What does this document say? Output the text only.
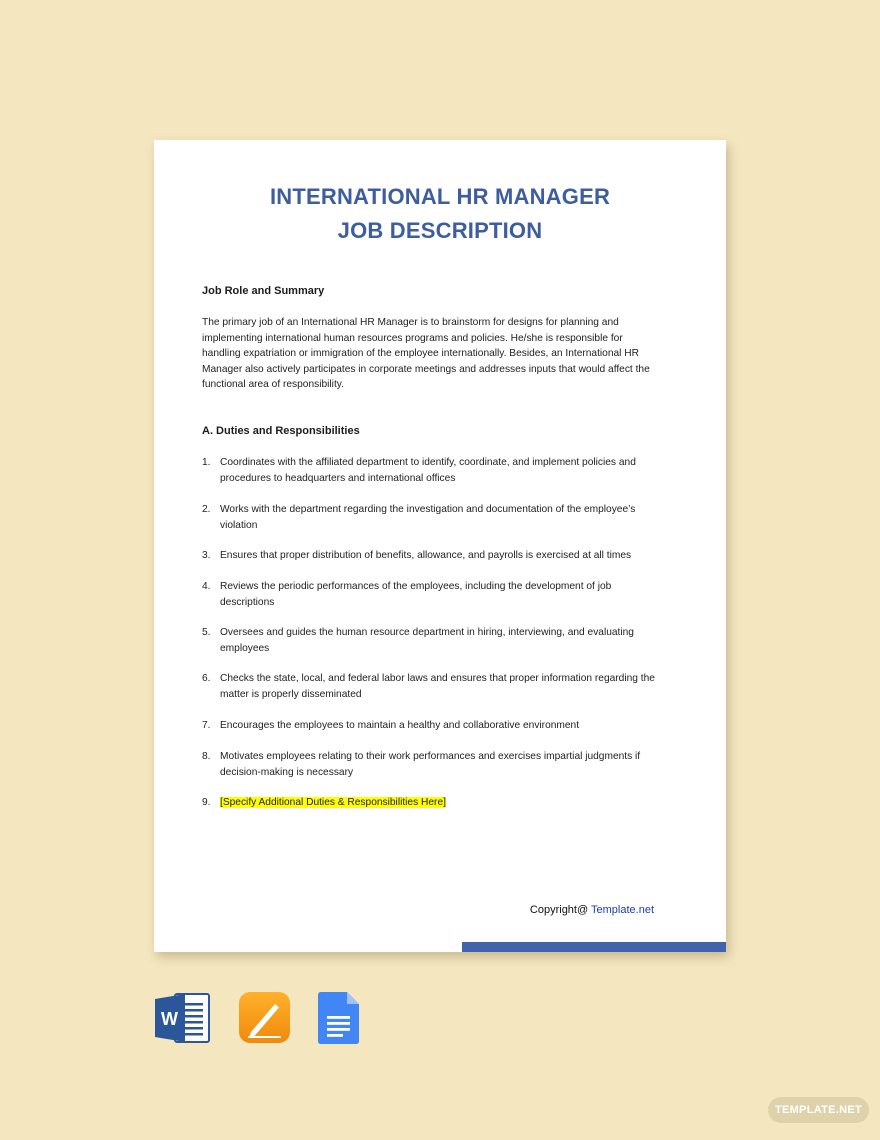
INTERNATIONAL HR MANAGER
JOB DESCRIPTION
Job Role and Summary
The primary job of an International HR Manager is to brainstorm for designs for planning and implementing international human resources programs and policies. He/she is responsible for handling expatriation or immigration of the employee internationally. Besides, an International HR Manager also actively participates in corporate meetings and addresses inputs that would affect the functional area of responsibility.
A. Duties and Responsibilities
1. Coordinates with the affiliated department to identify, coordinate, and implement policies and procedures to headquarters and international offices
2. Works with the department regarding the investigation and documentation of the employee’s violation
3. Ensures that proper distribution of benefits, allowance, and payrolls is exercised at all times
4. Reviews the periodic performances of the employees, including the development of job descriptions
5. Oversees and guides the human resource department in hiring, interviewing, and evaluating employees
6. Checks the state, local, and federal labor laws and ensures that proper information regarding the matter is properly disseminated
7. Encourages the employees to maintain a healthy and collaborative environment
8. Motivates employees relating to their work performances and exercises impartial judgments if decision-making is necessary
9. [Specify Additional Duties & Responsibilities Here]
Copyright@ Template.net
W
TEMPLATE.NET
